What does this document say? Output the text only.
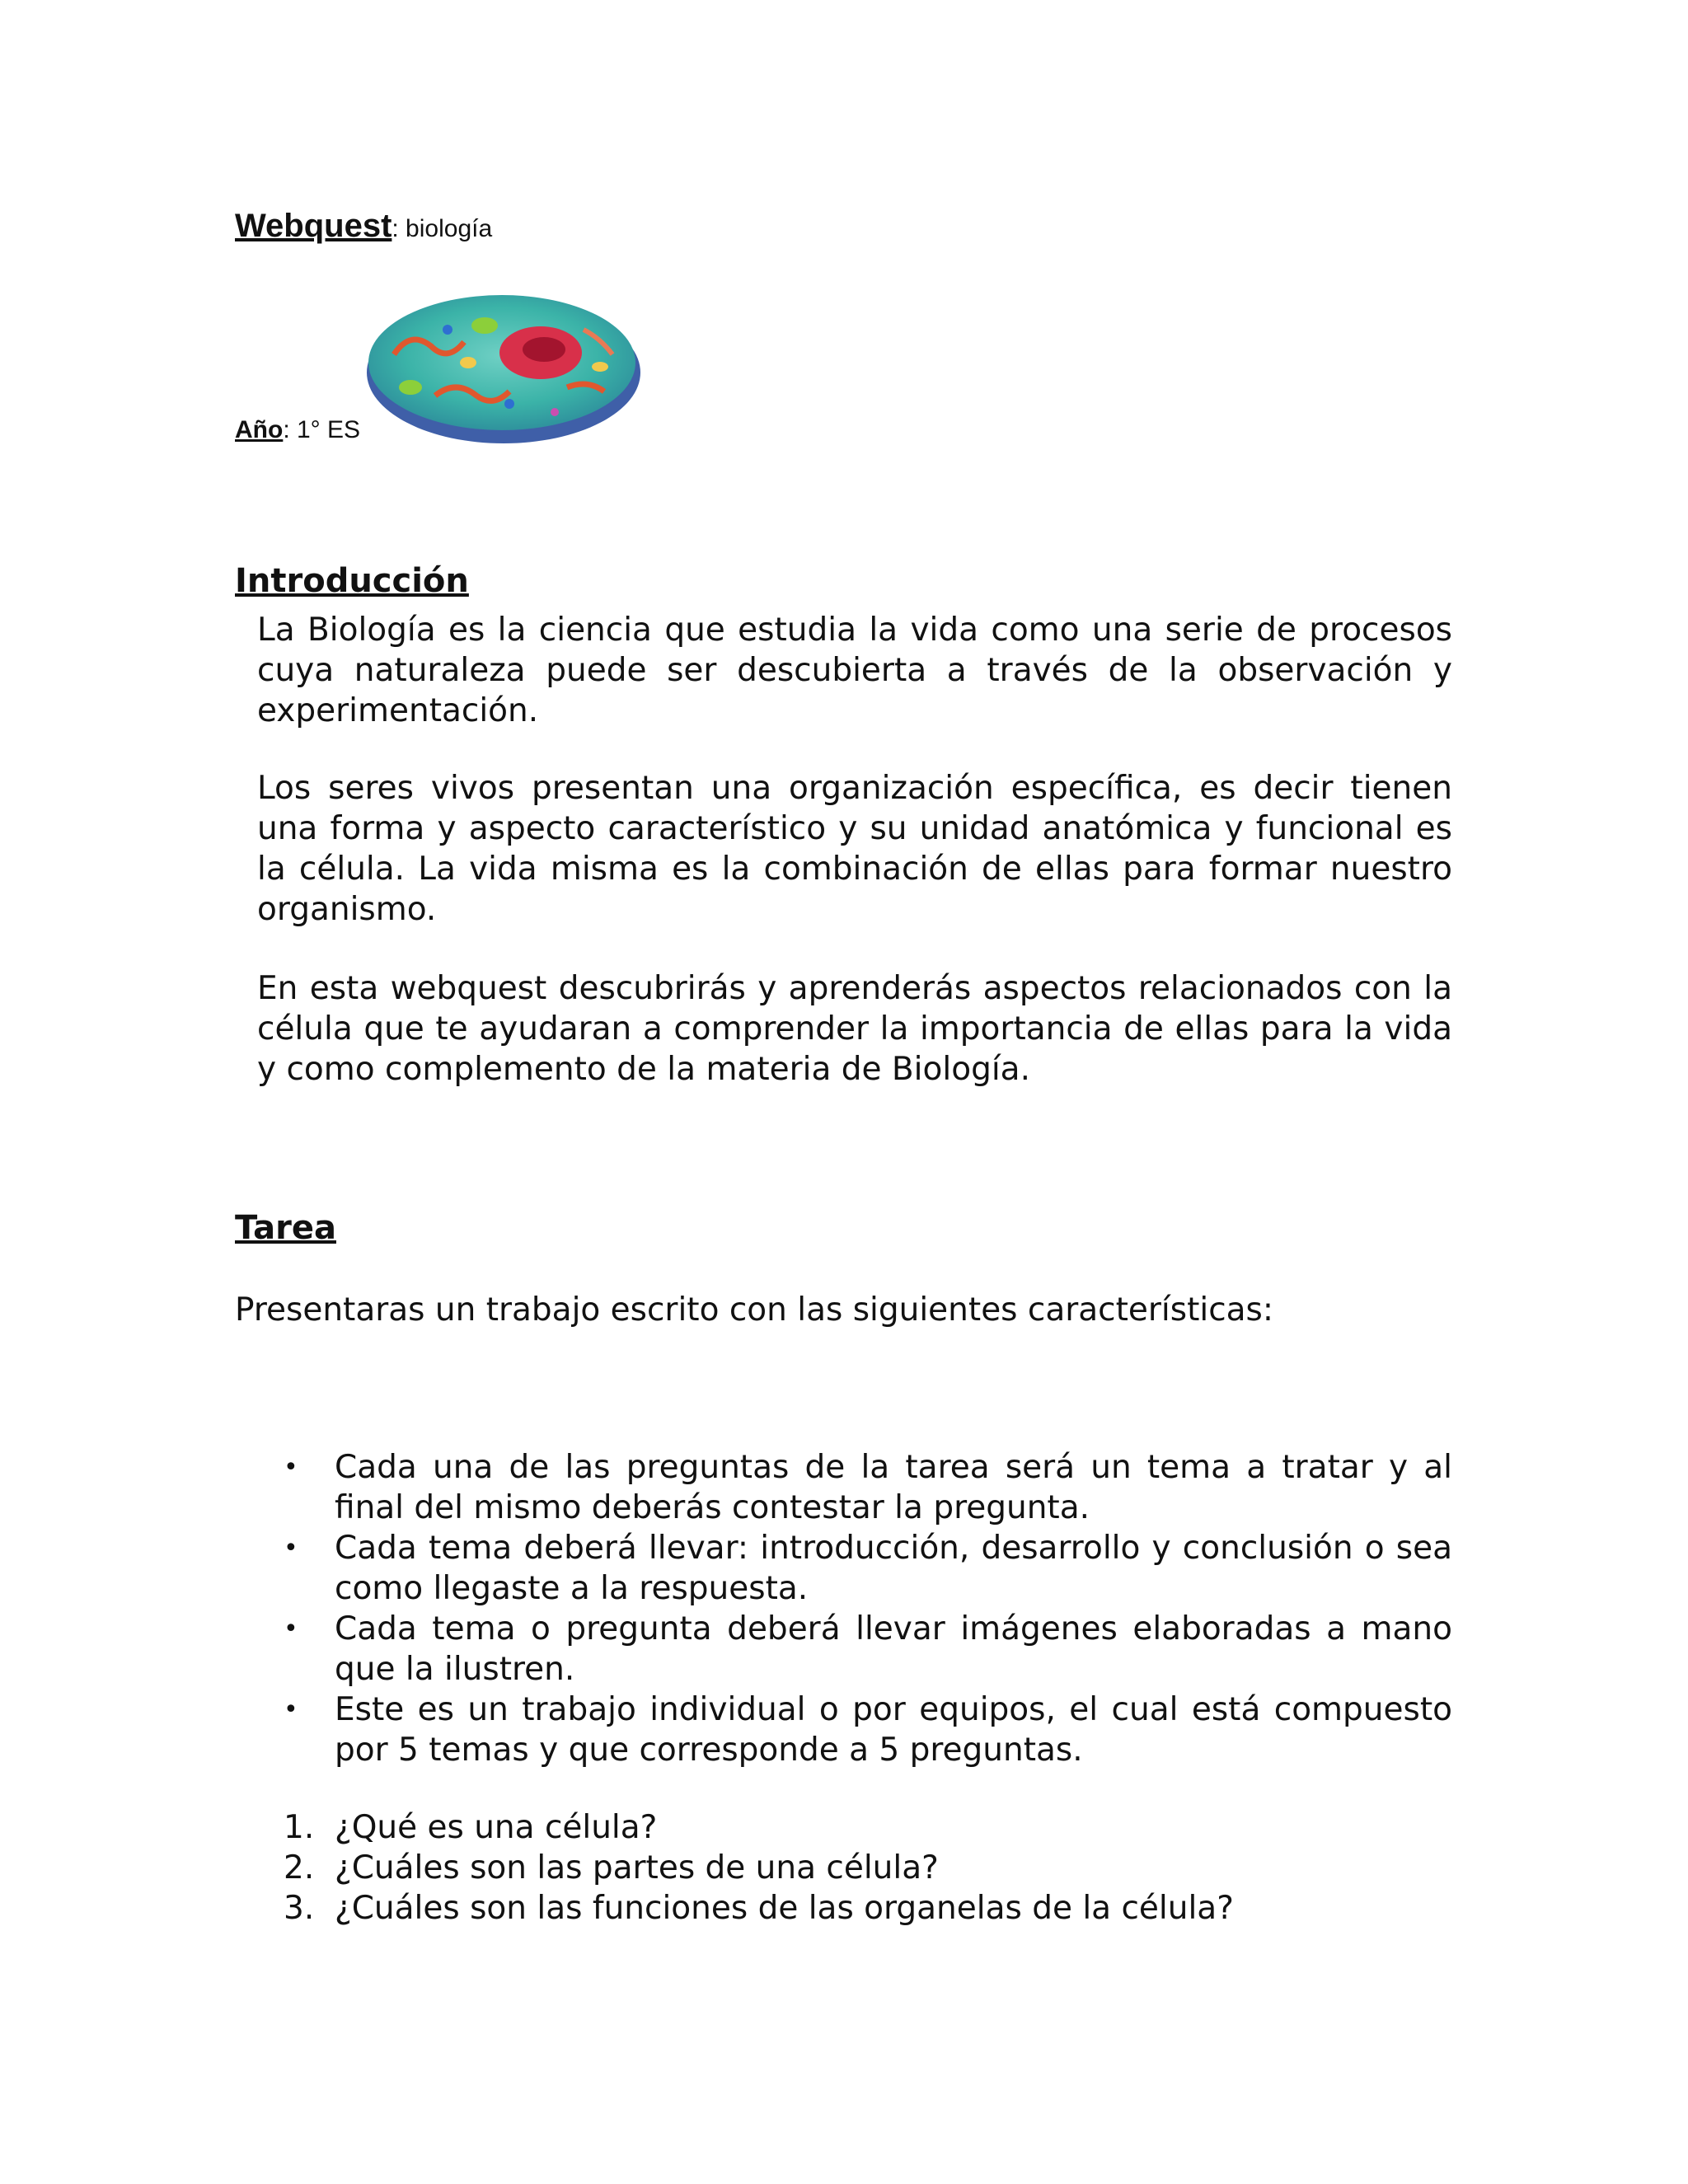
Webquest: biología
Año: 1° ES
Introducción

La Biología es la ciencia que estudia la vida como una serie de procesos cuya naturaleza puede ser descubierta a través de la observación y experimentación.

Los seres vivos presentan una organización específica, es decir tienen una forma y aspecto característico y su unidad anatómica y funcional es la célula. La vida misma es la combinación de ellas para formar nuestro organismo.

En esta webquest descubrirás y aprenderás aspectos relacionados con la célula que te ayudaran a comprender la importancia de ellas para la vida y como complemento de la materia de Biología.

Tarea

Presentaras un trabajo escrito con las siguientes características:

• Cada una de las preguntas de la tarea será un tema a tratar y al final del mismo deberás contestar la pregunta.
• Cada tema deberá llevar: introducción, desarrollo y conclusión o sea como llegaste a la respuesta.
• Cada tema o pregunta deberá llevar imágenes elaboradas a mano que la ilustren.
• Este es un trabajo individual o por equipos, el cual está compuesto por 5 temas y que corresponde a 5 preguntas.
1. ¿Qué es una célula?
2. ¿Cuáles son las partes de una célula?
3. ¿Cuáles son las funciones de las organelas de la célula?
